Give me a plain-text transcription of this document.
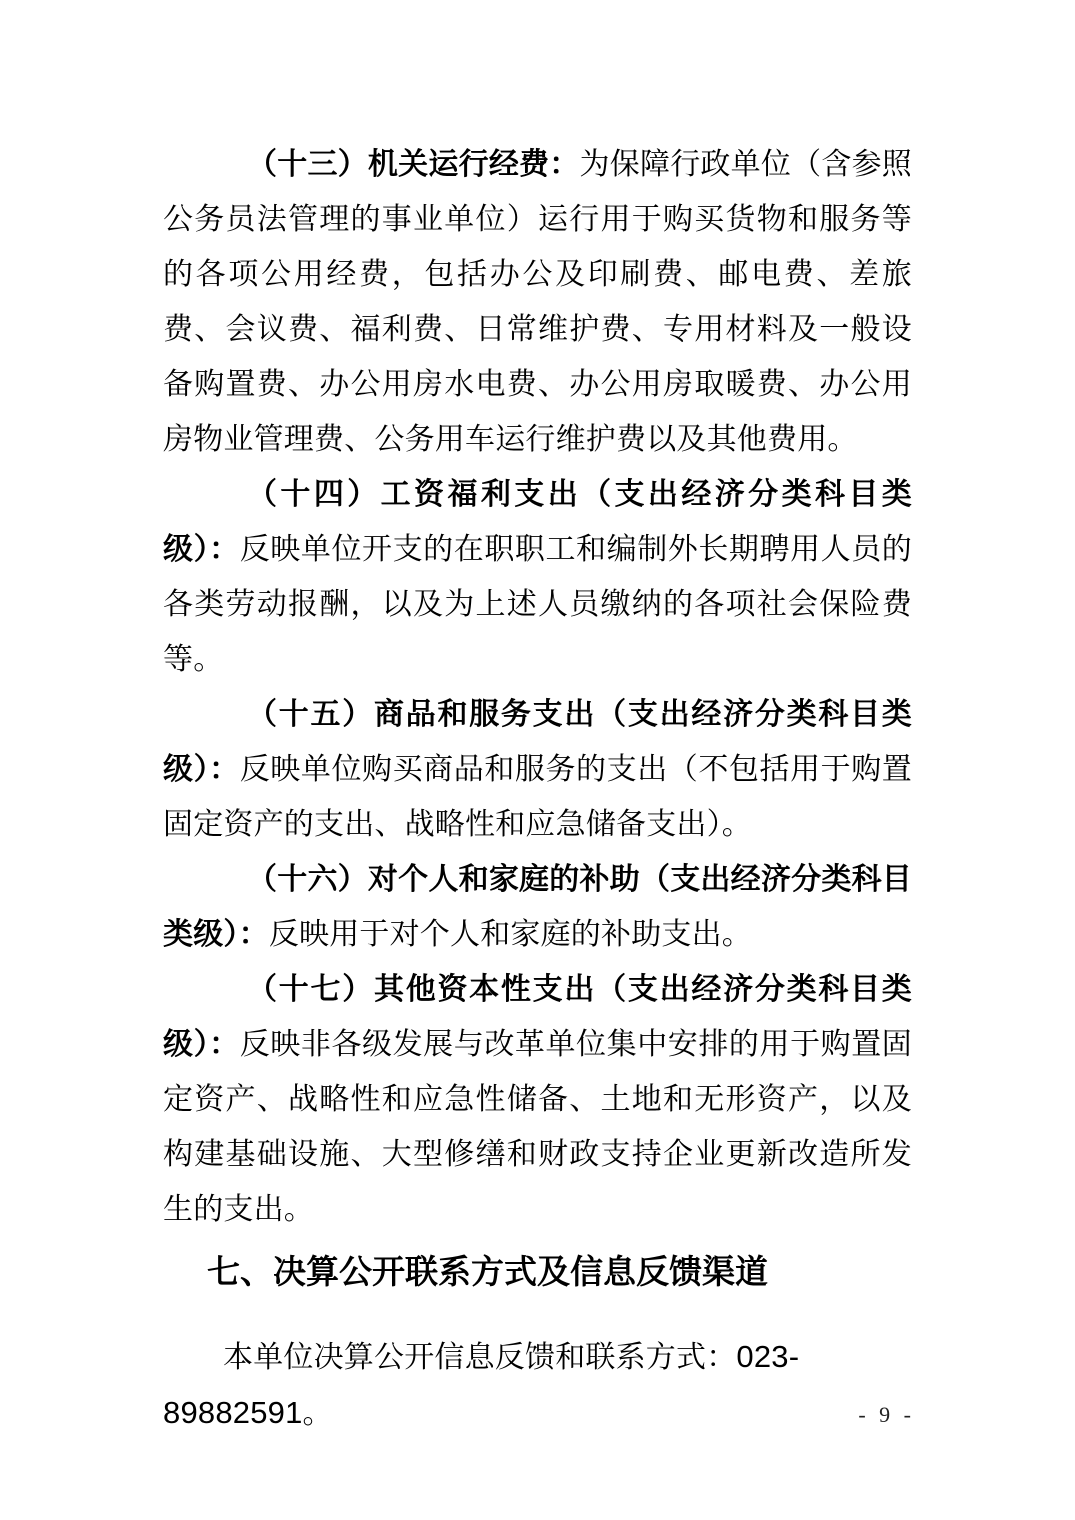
（十三）机关运行经费：为保障行政单位（含参照公务员法管理的事业单位）运行用于购买货物和服务等的各项公用经费，包括办公及印刷费、邮电费、差旅费、会议费、福利费、日常维护费、专用材料及一般设备购置费、办公用房水电费、办公用房取暖费、办公用房物业管理费、公务用车运行维护费以及其他费用。

（十四）工资福利支出（支出经济分类科目类级）：反映单位开支的在职职工和编制外长期聘用人员的各类劳动报酬，以及为上述人员缴纳的各项社会保险费等。

（十五）商品和服务支出（支出经济分类科目类级）：反映单位购买商品和服务的支出（不包括用于购置固定资产的支出、战略性和应急储备支出）。

（十六）对个人和家庭的补助（支出经济分类科目类级）：反映用于对个人和家庭的补助支出。

（十七）其他资本性支出（支出经济分类科目类级）：反映非各级发展与改革单位集中安排的用于购置固定资产、战略性和应急性储备、土地和无形资产，以及构建基础设施、大型修缮和财政支持企业更新改造所发生的支出。

七、决算公开联系方式及信息反馈渠道

本单位决算公开信息反馈和联系方式：023-89882591。	- 9 -
